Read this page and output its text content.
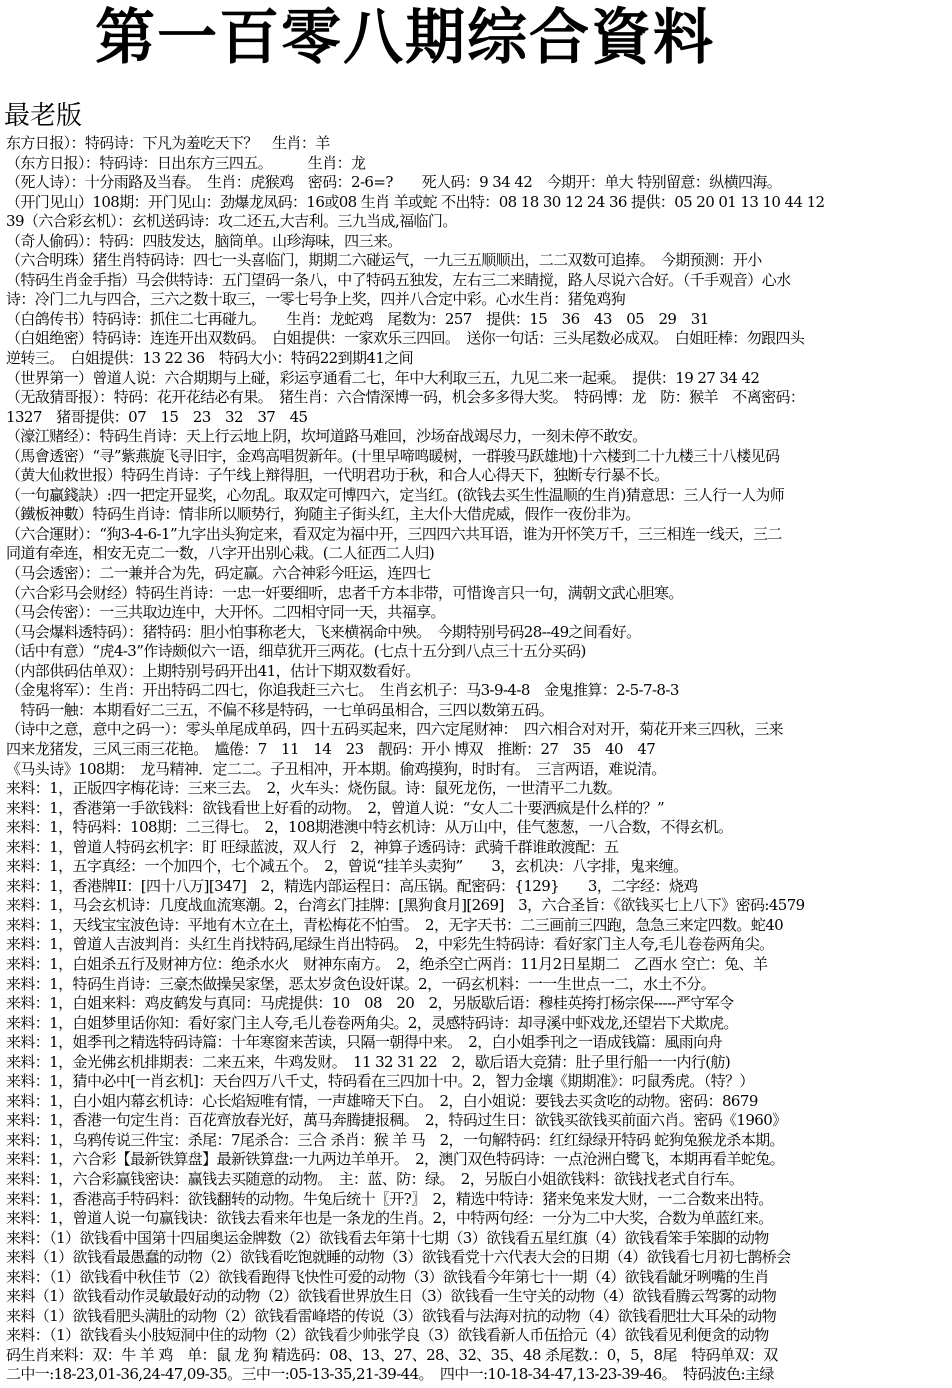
第一百零八期综合資料
最老版
东方日报）：特码诗：下凡为羞吃天下？　生肖：羊
（东方日报）：特码诗：日出东方三四五。　　　生肖：龙
（死人诗）：十分雨路及当春。　生肖：虎猴鸡　密码：2-6=?　　死人码：9 34 42　今期开：单大 特别留意：纵横四海。
（开门见山）108期：开门见山：劲爆龙凤码：16或08 生肖 羊或蛇 不出特：08 18 30 12 24 36 提供：05 20 01 13 10 44 12
39（六合彩玄机）：玄机送码诗：攻二还五,大吉利。三九当成,福临门。
（奇人偷码）：特码：四肢发达，脑筒单。山珍海味，四三来。
（六合明珠）猪生肖特码诗：四七一头喜临门，期期二六碰运气，一九三五顺顺出，二二双数可追捧。　今期预测：开小
（特码生肖金手指）马会供特诗：五门望码一条八，中了特码五独发，左右三二来睛搅，路人尽说六合好。（千手观音）心水
诗：冷门二九与四合，三六之数十取三，一零七号争上奖，四并八合定中彩。心水生肖：猪兔鸡狗
（白鸽传书）特码诗：抓住二七再碰九。　　生肖：龙蛇鸡　尾数为：257　提供：15　36　43　05　29　31
（白姐绝密）特码诗：连连开出双数码。　白姐提供：一家欢乐三四回。　送你一句话：三头尾数必成双。　白姐旺棒：勿跟四头
逆转三。　白姐提供：13 22 36　特码大小：特码22到期41之间
（世界第一）曾道人说：六合期期与上碰，彩运亨通看二七，年中大利取三五，九见二来一起乘。　提供：19 27 34 42
（无敌猜哥报）：特码：花开花结必有果。　猪生肖：六合情深博一码，机会多多得大奖。　特码博：龙　防：猴羊　不离密码：
1327　猪哥提供：07　15　23　32　37　45
（濠江赌经）：特码生肖诗：天上行云地上阴，坎坷道路马难回，沙场奋战竭尽力，一刻未停不敢安。
（馬會透密）“寻”紫燕旋飞寻旧宇，金鸡高唱贺新年。(十里早啼鸣暖树，一群骏马跃雄地)十六楼到二十九楼三十八楼见码
（黄大仙救世报）特码生肖诗：子午线上辩得胆，一代明君功于秋，和合人心得天下，独断专行暴不长。
（一句贏錢訣）:四一把定开显奖，心勿乱。取双定可博四六，定当红。(欲钱去买生性温顺的生肖)猜意思：三人行一人为师
（鐵板神數）特码生肖诗：情非所以顺势行，狗随主子街头红，主大仆大借虎威，假作一夜份非为。
（六合運財）：“狗3-4-6-1”九字出头狗定来，看双定为福中开，三四四六共耳语，谁为开怀笑万千，三三相连一线天，三二
同道有牵连，相安无克二一数，八字开出别心栽。(二人征西二人归)
（马会透密）：二一兼并合为先，码定赢。六合神彩今旺运，连四七
（六合彩马会财经）特码生肖诗：一忠一奸要细听，忠者千方本非带，可惜谗言只一句，满朝文武心胆寒。
（马会传密）：一三共取边连中，大开怀。二四相守同一天，共福享。
（马会爆料透特码）：猪特码：胆小怕事称老大，飞来横祸命中殃。　今期特别号码28--49之间看好。
（话中有意）“虎4-3”作诗颇似六一语，细草犹开三两花。(七点十五分到八点三十五分买码)
（内部供码估单双）：上期特别号码开出41，估计下期双数看好。
（金鬼将军）：生肖：开出特码二四七，你追我赶三六七。　生肖玄机子：马3-9-4-8　金鬼推算：2-5-7-8-3
　特码一触：本期看好二三五，不偏不移是特码，一七单码虽相合，三四以数第五码。
（诗中之意，意中之码一）：零头单尾成单码，四十五码买起来，四六定尾财神：　四六相合对对开，菊花开来三四秋，三来
四来龙猪发，三风三雨三花艳。　尴倦：7　11　14　23　靓码：开小 博双　推断：27　35　40　47
《马头诗》108期：　龙马精神．定二二。子丑相冲，开本期。偷鸡摸狗，时时有。　三言两语，难说清。
来料：1，正版四字梅花诗：三来三去。　2，火车头：烧伤鼠。诗：鼠死龙伤，一世清平二九数。
来料：1，香港第一手欲钱料：欲钱看世上好看的动物。　2，曾道人说：“女人二十要洒疯是什么样的？”
来料：1，特码料：108期：二三得七。　2，108期港澳中特玄机诗：从万山中，佳气葱葱，一八合数，不得玄机。
来料：1，曾道人特码玄机字：盯 旺绿蓝波，双人行　2，神算子透码诗：武骑千群谁敢渡配：五
来料：1，五字真经：一个加四个，七个减五个。　2，曾说“挂羊头卖狗”　　3，玄机决：八字排，鬼来缠。
来料：1，香港牌II：[四十八万][347]　2，精选内部运程日：高压锅。配密码：{129}　　3，二字经：烧鸡
来料：1，马会玄机诗：几度战血流寒潮。2，台湾玄门挂牌：[黑狗食月][269]　3，六合圣旨：《欲钱买七上八下》密码:4579
来料：1，天线宝宝波色诗：平地有木立在土，青松梅花不怕雪。　2，无字天书：二三画前三四跑，急急三来定四数。蛇40
来料：1，曾道人吉波判肖：头红生肖找特码,尾绿生肖出特码。　2，中彩先生特码诗：看好家门主人夸,毛儿卷卷两角尖。
来料：1，白姐杀五行及财神方位：绝杀水火　财神东南方。　2，绝杀空亡两肖：11月2日星期二　乙酉水 空亡：兔、羊
来料：1，特码生肖诗：三豪杰做操吴家堡，恶太岁贪色设奸谋。2，一码玄机料：一一生世点一二，水土不分。
来料：1，白姐来料：鸡皮鹤发与真同：马虎提供：10　08　20　2，另版歇后语：穆桂英挎打杨宗保-----严守军令
来料：1，白姐梦里话你知：看好家门主人夸,毛儿卷卷两角尖。2，灵感特码诗：却寻溪中虾戏龙,还望岩下犬欺虎。
来料：1，姐季刊之精选特码诗篇：十年寒窗来苦读，只隔一朝得中来。　2，白小姐季刊之一语成钱篇：風雨向舟
来料：1，金光佛玄机排期表：二来五来，牛鸡发财。　11 32 31 22　2，歇后语大竞猜：肚子里行船一一内行(舫)
来料：1，猜中必中[一肖玄机]：天台四万八千丈，特码看在三四加十中。2，智力金壤《期期准》：叼鼠秀虎。（特？）
来料：1，白小姐内幕玄机诗：心长焰短唯有情，一声雄啼天下白。　2，白小姐说：要钱去买贪吃的动物。密码：8679
来料：1，香港一句定生肖：百花齊放春光好，萬马奔腾捷报稠。　2，特码过生日：欲钱买欲钱买前面六肖。密码《1960》
来料：1，乌鸦传说三件宝：杀尾：7尾杀合：三合 杀肖：猴 羊 马　2，一句解特码：红红绿绿开特码 蛇狗兔猴龙杀本期。
来料：1，六合彩【最新铁算盘】最新铁算盘:一九两边羊单开。　2，澳门双色特码诗：一点沧洲白鹭飞，本期再看羊蛇兔。
来料：1，六合彩赢钱密诀：赢钱去买随意的动物。　主：蓝、防：绿。　2，另版白小姐欲钱料：欲钱找老式自行车。
来料：1，香港高手特码料：欲钱翻转的动物。牛兔后统十〖开?〗　2，精选中特诗：猪来兔来发大财，一二合数来出特。
来料：1，曾道人说一句赢钱诀：欲钱去看来年也是一条龙的生肖。2，中特两句经：一分为二中大奖，合数为单蓝红来。
来料：（1）欲钱看中国第十四届奥运金牌数（2）欲钱看去年第十七期（3）欲钱看五星红旗（4）欲钱看笨手笨脚的动物
来料（1）欲钱看最愚蠢的动物（2）欲钱看吃饱就睡的动物（3）欲钱看党十六代表大会的日期（4）欲钱看七月初七鹊桥会
来料：（1）欲钱看中秋佳节（2）欲钱看跑得飞快性可爱的动物（3）欲钱看今年第七十一期（4）欲钱看龇牙咧嘴的生肖
来料（1）欲钱看动作灵敏最好动的动物（2）欲钱看世界放生日（3）欲钱看一生守关的动物（4）欲钱看腾云驾雾的动物
来料（1）欲钱看肥头满肚的动物（2）欲钱看雷峰塔的传说（3）欲钱看与法海对抗的动物（4）欲钱看肥壮大耳朵的动物
来料：（1）欲钱看头小肢短洞中住的动物（2）欲钱看少帅张学良（3）欲钱看新人币伍拾元（4）欲钱看见利便贪的动物
码生肖来料：双：牛 羊 鸡　单：鼠 龙 狗 精选码：08、13、27、28、32、35、48 杀尾数.：0，5，8尾　特码单双：双
二中一:18-23,01-36,24-47,09-35。三中一:05-13-35,21-39-44。　四中一:10-18-34-47,13-23-39-46。　特码波色:主绿
